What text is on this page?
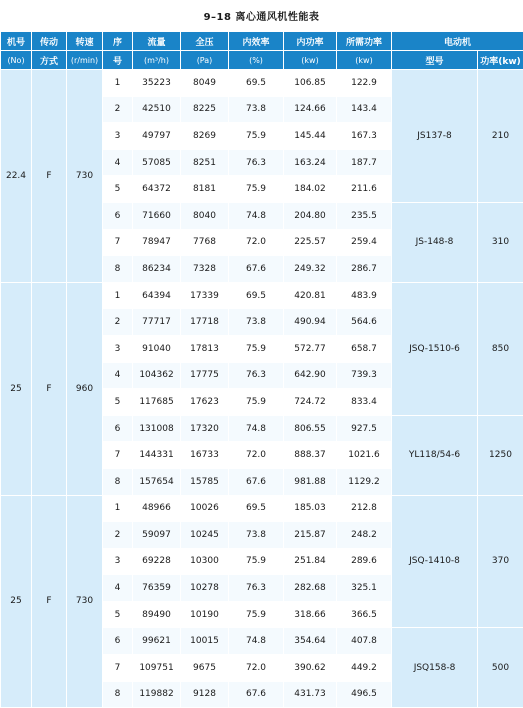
9–18 离心通风机性能表
机号	传动	转速	序	流量	全压	内效率	内功率	所需功率	电动机	
(No)	方式	(r/min)	号	(m³/h)	(Pa)	(%)	(kw)	(kw)	型号	功率(kw)
22.4	F	730	1	35223	8049	69.5	106.85	122.9	JS137-8	210
			2	42510	8225	73.8	124.66	143.4		
			3	49797	8269	75.9	145.44	167.3		
			4	57085	8251	76.3	163.24	187.7		
			5	64372	8181	75.9	184.02	211.6		
			6	71660	8040	74.8	204.80	235.5	JS-148-8	310
			7	78947	7768	72.0	225.57	259.4		
			8	86234	7328	67.6	249.32	286.7		
25	F	960	1	64394	17339	69.5	420.81	483.9	JSQ-1510-6	850
			2	77717	17718	73.8	490.94	564.6		
			3	91040	17813	75.9	572.77	658.7		
			4	104362	17775	76.3	642.90	739.3		
			5	117685	17623	75.9	724.72	833.4		
			6	131008	17320	74.8	806.55	927.5	YL118/54-6	1250
			7	144331	16733	72.0	888.37	1021.6		
			8	157654	15785	67.6	981.88	1129.2		
25	F	730	1	48966	10026	69.5	185.03	212.8	JSQ-1410-8	370
			2	59097	10245	73.8	215.87	248.2		
			3	69228	10300	75.9	251.84	289.6		
			4	76359	10278	76.3	282.68	325.1		
			5	89490	10190	75.9	318.66	366.5		
			6	99621	10015	74.8	354.64	407.8	JSQ158-8	500
			7	109751	9675	72.0	390.62	449.2		
			8	119882	9128	67.6	431.73	496.5		
